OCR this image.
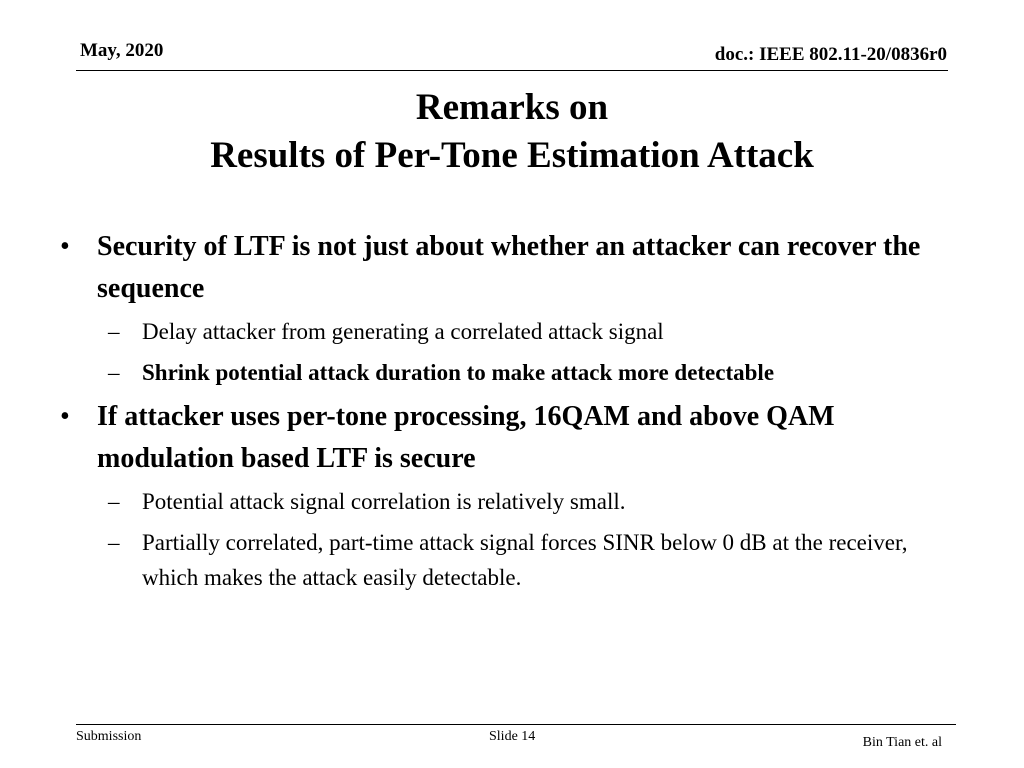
May, 2020	doc.: IEEE 802.11-20/0836r0
Remarks on
Results of Per-Tone Estimation Attack
• Security of LTF is not just about whether an attacker can recover the sequence
– Delay attacker from generating a correlated attack signal
– Shrink potential attack duration to make attack more detectable
• If attacker uses per-tone processing, 16QAM and above QAM modulation based LTF is secure
– Potential attack signal correlation is relatively small.
– Partially correlated, part-time attack signal forces SINR below 0 dB at the receiver, which makes the attack easily detectable.
Submission	Slide 14	Bin Tian et. al
